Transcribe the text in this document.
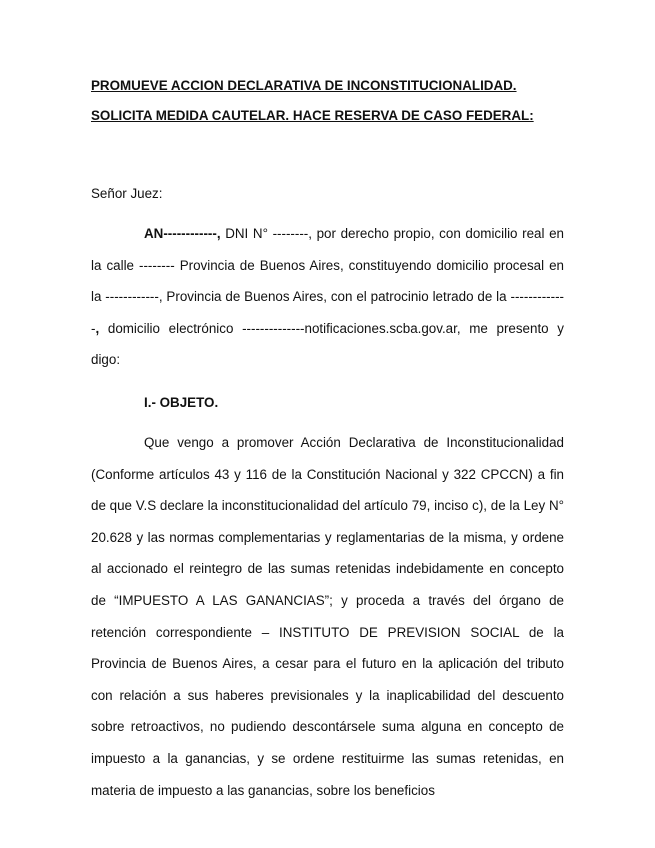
PROMUEVE ACCION DECLARATIVA DE INCONSTITUCIONALIDAD.
SOLICITA MEDIDA CAUTELAR. HACE RESERVA DE CASO FEDERAL:
Señor Juez:
AN------------, DNI N° --------, por derecho propio, con domicilio real en la calle -------- Provincia de Buenos Aires, constituyendo domicilio procesal en la ------------, Provincia de Buenos Aires, con el patrocinio letrado de la -------------, domicilio electrónico --------------notificaciones.scba.gov.ar, me presento y digo:
I.- OBJETO.
Que vengo a promover Acción Declarativa de Inconstitucionalidad (Conforme artículos 43 y 116 de la Constitución Nacional y 322 CPCCN) a fin de que V.S declare la inconstitucionalidad del artículo 79, inciso c), de la Ley N° 20.628 y las normas complementarias y reglamentarias de la misma, y ordene al accionado el reintegro de las sumas retenidas indebidamente en concepto de “IMPUESTO A LAS GANANCIAS”; y proceda a través del órgano de retención correspondiente – INSTITUTO DE PREVISION SOCIAL de la Provincia de Buenos Aires, a cesar para el futuro en la aplicación del tributo con relación a sus haberes previsionales y la inaplicabilidad del descuento sobre retroactivos, no pudiendo descontársele suma alguna en concepto de impuesto a la ganancias, y se ordene restituirme las sumas retenidas, en materia de impuesto a las ganancias, sobre los beneficios
